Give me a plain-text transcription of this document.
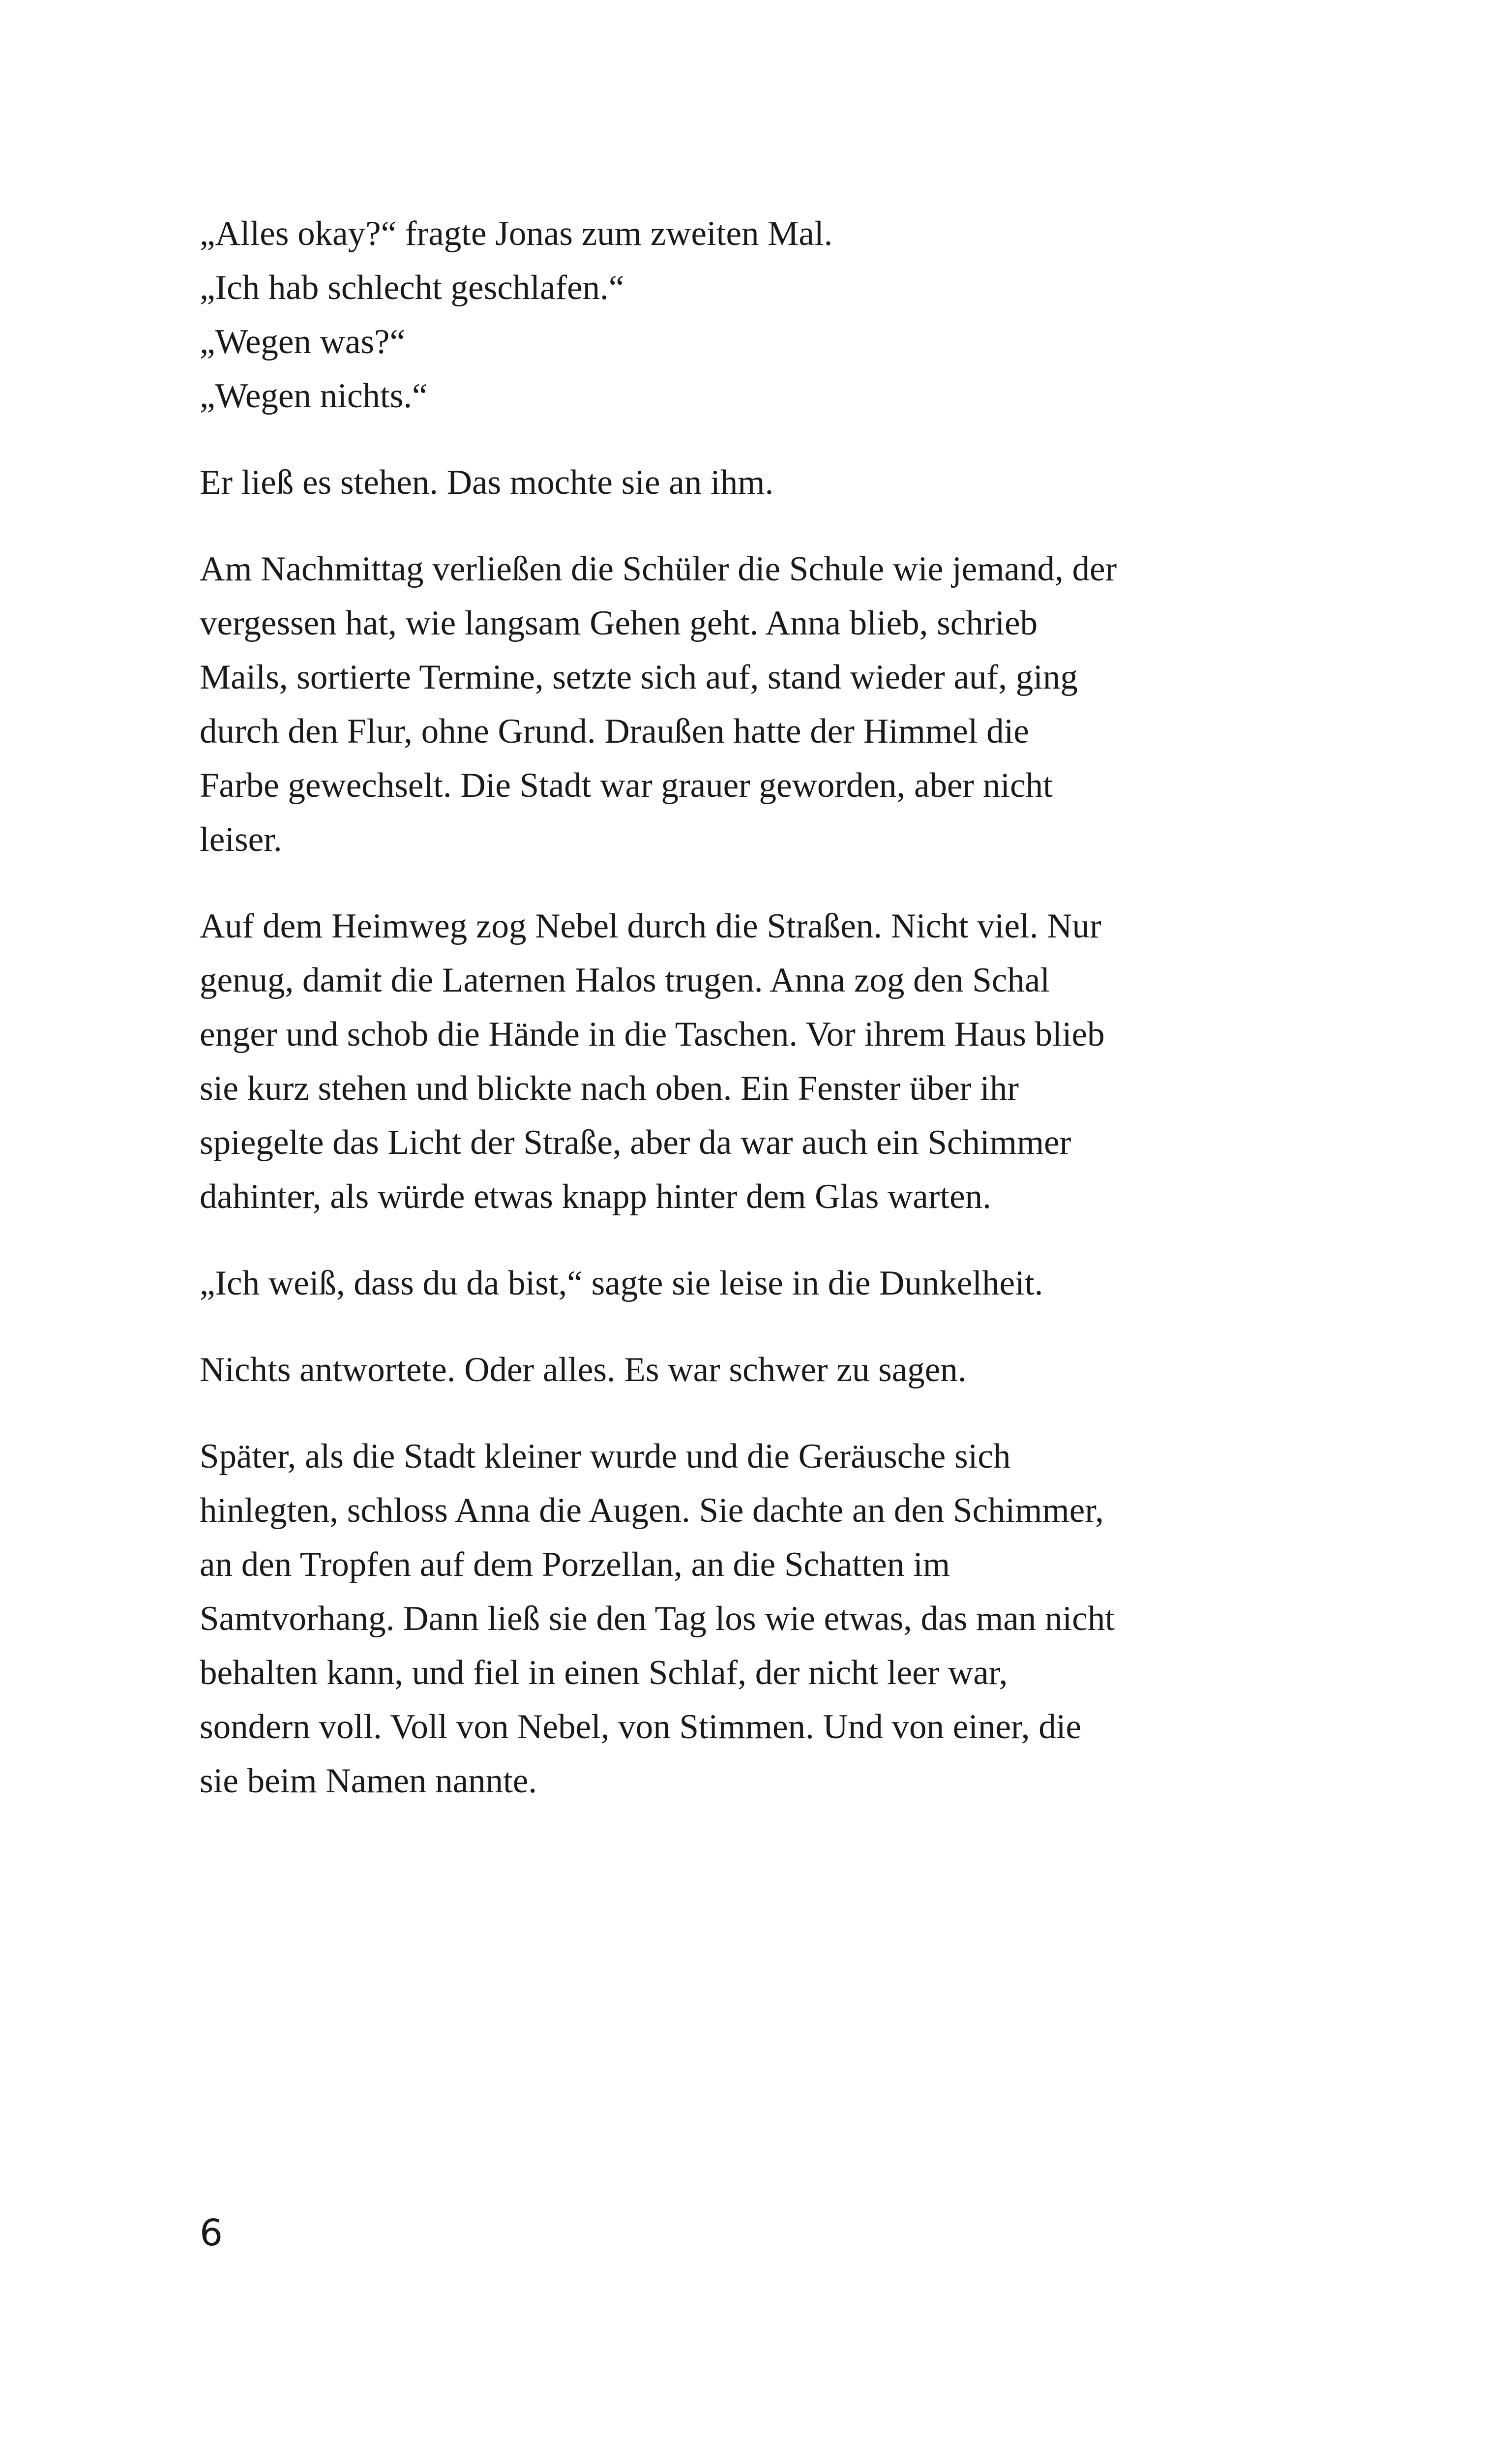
„Alles okay?“ fragte Jonas zum zweiten Mal.
„Ich hab schlecht geschlafen.“
„Wegen was?“
„Wegen nichts.“
Er ließ es stehen. Das mochte sie an ihm.
Am Nachmittag verließen die Schüler die Schule wie jemand, der
vergessen hat, wie langsam Gehen geht. Anna blieb, schrieb
Mails, sortierte Termine, setzte sich auf, stand wieder auf, ging
durch den Flur, ohne Grund. Draußen hatte der Himmel die
Farbe gewechselt. Die Stadt war grauer geworden, aber nicht
leiser.
Auf dem Heimweg zog Nebel durch die Straßen. Nicht viel. Nur
genug, damit die Laternen Halos trugen. Anna zog den Schal
enger und schob die Hände in die Taschen. Vor ihrem Haus blieb
sie kurz stehen und blickte nach oben. Ein Fenster über ihr
spiegelte das Licht der Straße, aber da war auch ein Schimmer
dahinter, als würde etwas knapp hinter dem Glas warten.
„Ich weiß, dass du da bist,“ sagte sie leise in die Dunkelheit.
Nichts antwortete. Oder alles. Es war schwer zu sagen.
Später, als die Stadt kleiner wurde und die Geräusche sich
hinlegten, schloss Anna die Augen. Sie dachte an den Schimmer,
an den Tropfen auf dem Porzellan, an die Schatten im
Samtvorhang. Dann ließ sie den Tag los wie etwas, das man nicht
behalten kann, und fiel in einen Schlaf, der nicht leer war,
sondern voll. Voll von Nebel, von Stimmen. Und von einer, die
sie beim Namen nannte.
6
